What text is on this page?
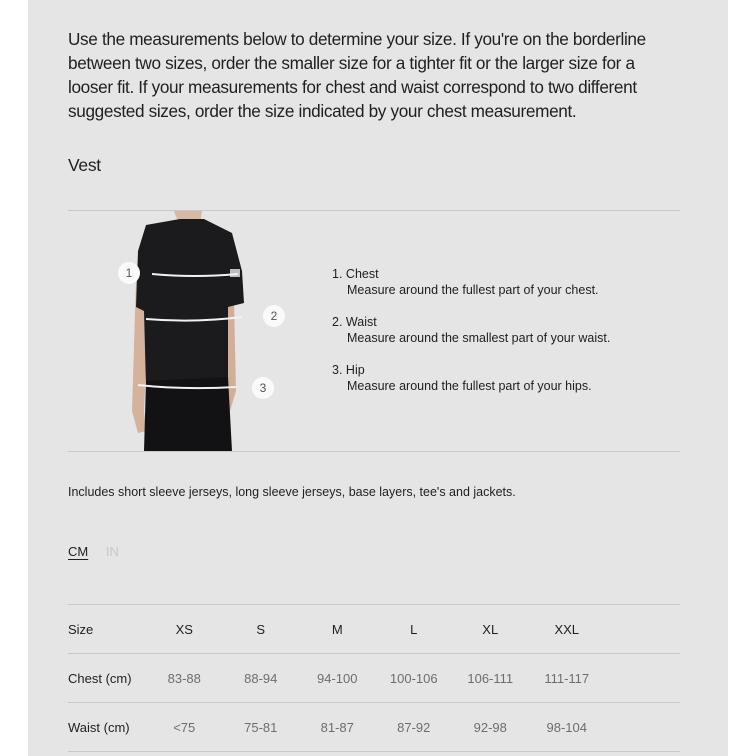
Use the measurements below to determine your size. If you're on the borderline between two sizes, order the smaller size for a tighter fit or the larger size for a looser fit. If your measurements for chest and waist correspond to two different suggested sizes, order the size indicated by your chest measurement.

Vest

1
2
3
1. Chest
Measure around the fullest part of your chest.
2. Waist
Measure around the smallest part of your waist.
3. Hip
Measure around the fullest part of your hips.

Includes short sleeve jerseys, long sleeve jerseys, base layers, tee's and jackets.

CM IN
Size	XS	S	M	L	XL	XXL	
Chest (cm)	83-88	88-94	94-100	100-106	106-111	111-117	
Waist (cm)	<75	75-81	81-87	87-92	92-98	98-104	
